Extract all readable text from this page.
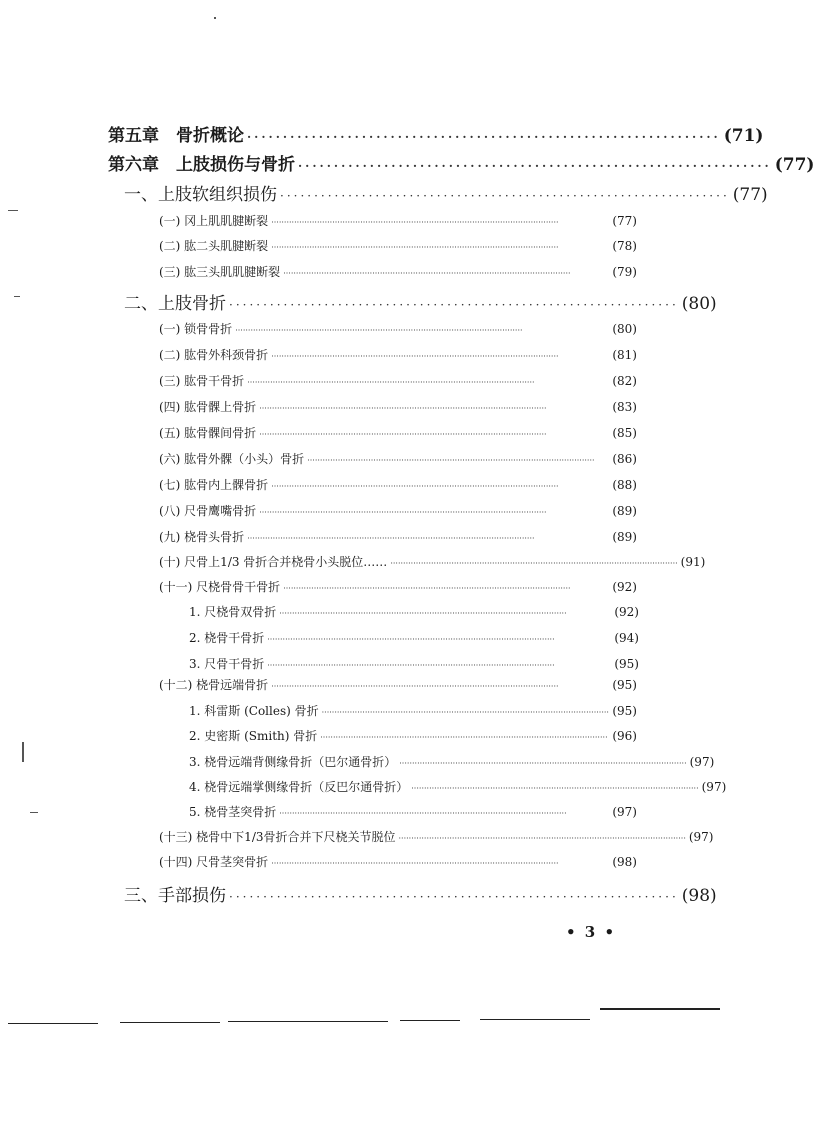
第五章　骨折概论 ·································································· (71)
第六章　上肢损伤与骨折 ·································································· (77)
一、上肢软组织损伤 ·································································· (77)
(一) 冈上肌肌腱断裂 ·················································································································	(77)
(二) 肱二头肌腱断裂 ·················································································································	(78)
(三) 肱三头肌肌腱断裂 ·················································································································	(79)
二、上肢骨折 ·································································· (80)
(一) 锁骨骨折 ·················································································································	(80)
(二) 肱骨外科颈骨折 ·················································································································	(81)
(三) 肱骨干骨折 ·················································································································	(82)
(四) 肱骨髁上骨折 ·················································································································	(83)
(五) 肱骨髁间骨折 ·················································································································	(85)
(六) 肱骨外髁（小头）骨折 ·················································································································	(86)
(七) 肱骨内上髁骨折 ·················································································································	(88)
(八) 尺骨鹰嘴骨折 ·················································································································	(89)
(九) 桡骨头骨折 ·················································································································	(89)
(十) 尺骨上1/3 骨折合并桡骨小头脱位…… ················································································································· (91)
(十一) 尺桡骨骨干骨折 ·················································································································	(92)
1. 尺桡骨双骨折 ·················································································································	(92)
2. 桡骨干骨折 ·················································································································	(94)
3. 尺骨干骨折 ·················································································································	(95)
(十二) 桡骨远端骨折 ·················································································································	(95)
1. 科雷斯 (Colles) 骨折 ················································································································· (95)
2. 史密斯 (Smith) 骨折 ················································································································· (96)
3. 桡骨远端背侧缘骨折（巴尔通骨折） ················································································································· (97)
4. 桡骨远端掌侧缘骨折（反巴尔通骨折） ················································································································· (97)
5. 桡骨茎突骨折 ·················································································································	(97)
(十三) 桡骨中下1/3骨折合并下尺桡关节脱位 ················································································································· (97)
(十四) 尺骨茎突骨折 ·················································································································	(98)
三、手部损伤 ·································································· (98)
• 3 •
